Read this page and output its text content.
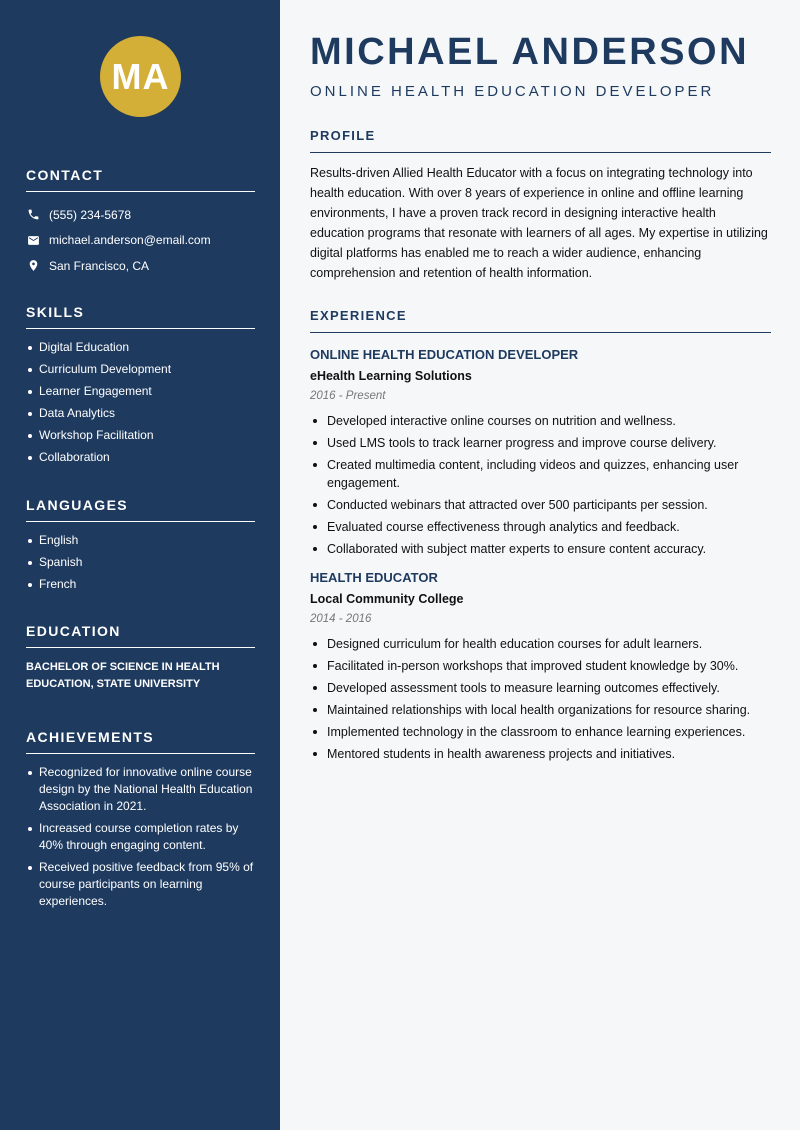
MA
CONTACT
(555) 234-5678
michael.anderson@email.com
San Francisco, CA
SKILLS
Digital Education
Curriculum Development
Learner Engagement
Data Analytics
Workshop Facilitation
Collaboration
LANGUAGES
English
Spanish
French
EDUCATION

BACHELOR OF SCIENCE IN HEALTH EDUCATION, STATE UNIVERSITY

ACHIEVEMENTS
Recognized for innovative online course design by the National Health Education Association in 2021.
Increased course completion rates by 40% through engaging content.
Received positive feedback from 95% of course participants on learning experiences.
MICHAEL ANDERSON
ONLINE HEALTH EDUCATION DEVELOPER
PROFILE

Results-driven Allied Health Educator with a focus on integrating technology into health education. With over 8 years of experience in online and offline learning environments, I have a proven track record in designing interactive health education programs that resonate with learners of all ages. My expertise in utilizing digital platforms has enabled me to reach a wider audience, enhancing comprehension and retention of health information.

EXPERIENCE
ONLINE HEALTH EDUCATION DEVELOPER
eHealth Learning Solutions
2016 - Present
Developed interactive online courses on nutrition and wellness.
Used LMS tools to track learner progress and improve course delivery.
Created multimedia content, including videos and quizzes, enhancing user engagement.
Conducted webinars that attracted over 500 participants per session.
Evaluated course effectiveness through analytics and feedback.
Collaborated with subject matter experts to ensure content accuracy.
HEALTH EDUCATOR
Local Community College
2014 - 2016
Designed curriculum for health education courses for adult learners.
Facilitated in-person workshops that improved student knowledge by 30%.
Developed assessment tools to measure learning outcomes effectively.
Maintained relationships with local health organizations for resource sharing.
Implemented technology in the classroom to enhance learning experiences.
Mentored students in health awareness projects and initiatives.
